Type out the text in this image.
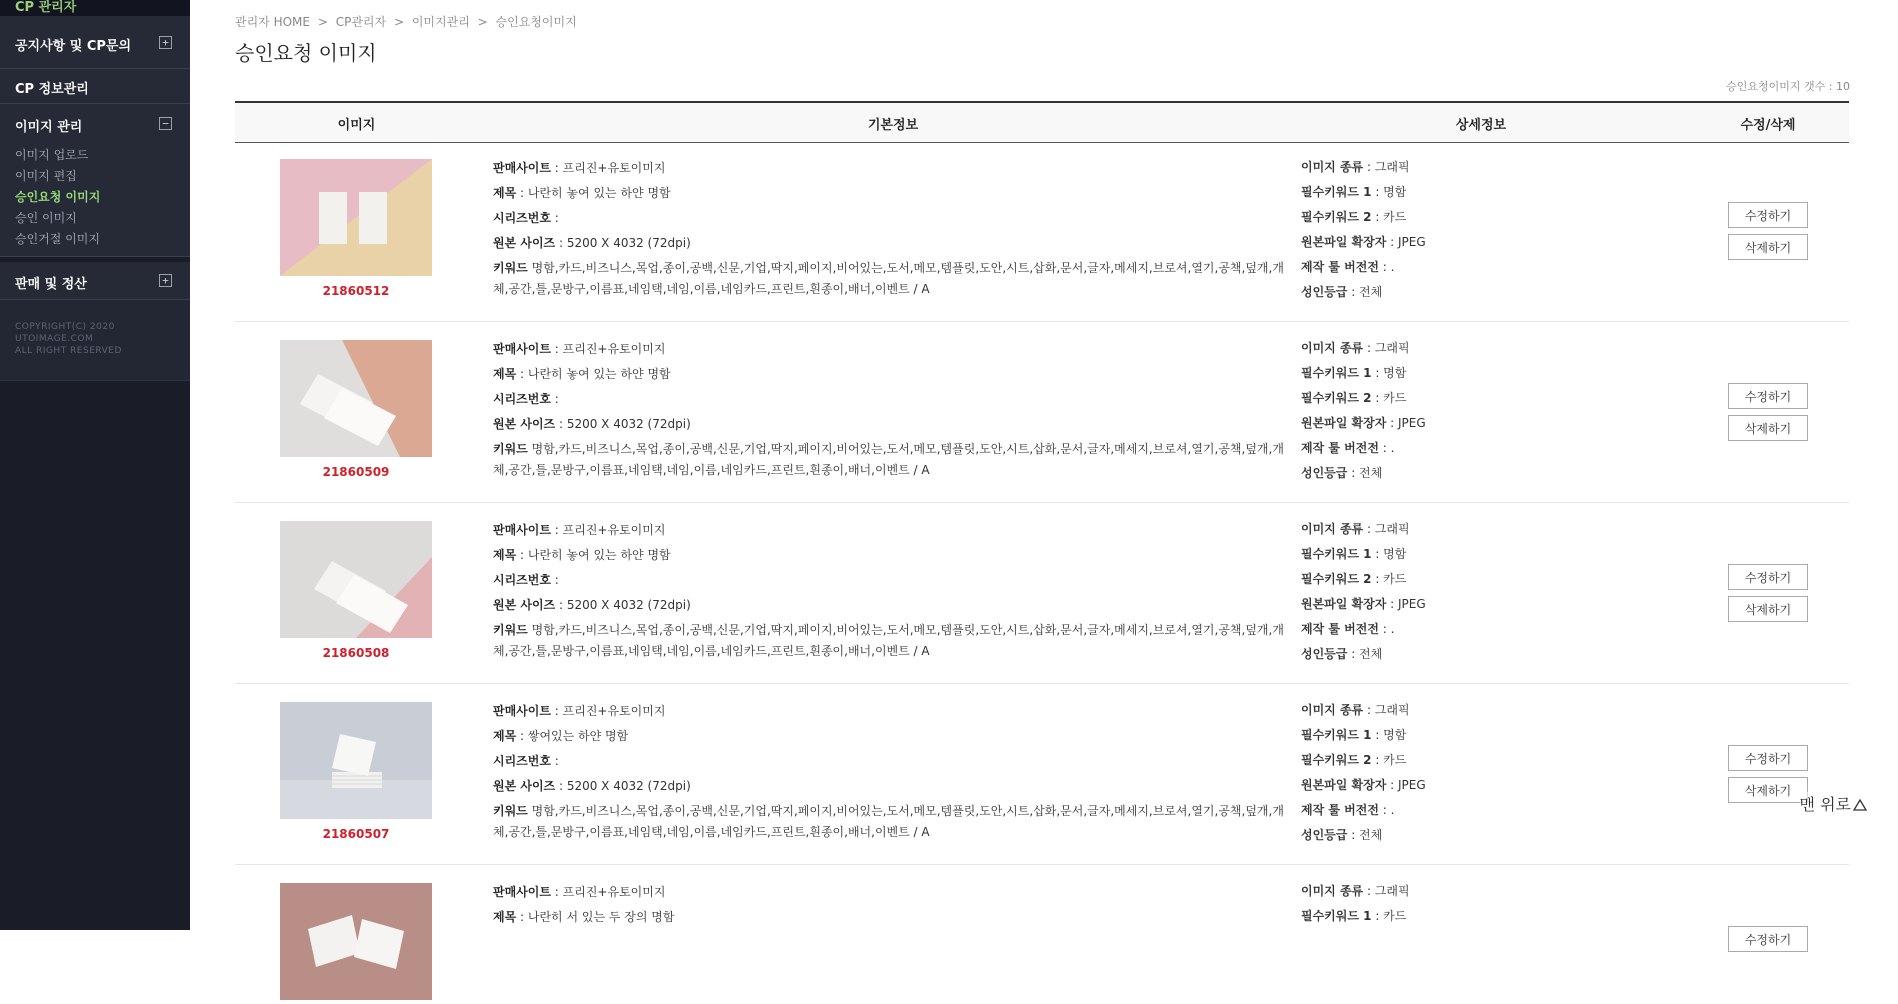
CP 관리자
공지사항 및 CP문의	+
CP 정보관리
이미지 관리	−
이미지 업로드
이미지 편집
승인요청 이미지
승인 이미지
승인거절 이미지
판매 및 정산	+
COPYRIGHT(C) 2020
UTOIMAGE.COM
ALL RIGHT RESERVED
관리자 HOME > CP관리자 > 이미지관리 > 승인요청이미지
승인요청 이미지
승인요청이미지 갯수 : 10
이미지	기본정보	상세정보	수정/삭제
21860512
판매사이트 : 프리진+유토이미지
제목 : 나란히 놓여 있는 하얀 명함
시리즈번호 :
원본 사이즈 : 5200 X 4032 (72dpi)
키워드 명함,카드,비즈니스,목업,종이,공백,신문,기업,딱지,페이지,비어있는,도서,메모,템플릿,도안,시트,삽화,문서,글자,메세지,브로셔,열기,공책,덮개,개체,공간,틀,문방구,이름표,네임택,네임,이름,네임카드,프린트,흰종이,배너,이벤트 / A
이미지 종류 : 그래픽
필수키워드 1 : 명함
필수키워드 2 : 카드
원본파일 확장자 : JPEG
제작 툴 버전전 : .
성인등급 : 전체
수정하기
삭제하기
21860509
판매사이트 : 프리진+유토이미지
제목 : 나란히 놓여 있는 하얀 명함
시리즈번호 :
원본 사이즈 : 5200 X 4032 (72dpi)
키워드 명함,카드,비즈니스,목업,종이,공백,신문,기업,딱지,페이지,비어있는,도서,메모,템플릿,도안,시트,삽화,문서,글자,메세지,브로셔,열기,공책,덮개,개체,공간,틀,문방구,이름표,네임택,네임,이름,네임카드,프린트,흰종이,배너,이벤트 / A
이미지 종류 : 그래픽
필수키워드 1 : 명함
필수키워드 2 : 카드
원본파일 확장자 : JPEG
제작 툴 버전전 : .
성인등급 : 전체
수정하기
삭제하기
21860508
판매사이트 : 프리진+유토이미지
제목 : 나란히 놓여 있는 하얀 명함
시리즈번호 :
원본 사이즈 : 5200 X 4032 (72dpi)
키워드 명함,카드,비즈니스,목업,종이,공백,신문,기업,딱지,페이지,비어있는,도서,메모,템플릿,도안,시트,삽화,문서,글자,메세지,브로셔,열기,공책,덮개,개체,공간,틀,문방구,이름표,네임택,네임,이름,네임카드,프린트,흰종이,배너,이벤트 / A
이미지 종류 : 그래픽
필수키워드 1 : 명함
필수키워드 2 : 카드
원본파일 확장자 : JPEG
제작 툴 버전전 : .
성인등급 : 전체
수정하기
삭제하기
21860507
판매사이트 : 프리진+유토이미지
제목 : 쌓여있는 하얀 명함
시리즈번호 :
원본 사이즈 : 5200 X 4032 (72dpi)
키워드 명함,카드,비즈니스,목업,종이,공백,신문,기업,딱지,페이지,비어있는,도서,메모,템플릿,도안,시트,삽화,문서,글자,메세지,브로셔,열기,공책,덮개,개체,공간,틀,문방구,이름표,네임택,네임,이름,네임카드,프린트,흰종이,배너,이벤트 / A
이미지 종류 : 그래픽
필수키워드 1 : 명함
필수키워드 2 : 카드
원본파일 확장자 : JPEG
제작 툴 버전전 : .
성인등급 : 전체
수정하기
삭제하기
판매사이트 : 프리진+유토이미지
제목 : 나란히 서 있는 두 장의 명함
이미지 종류 : 그래픽
필수키워드 1 : 카드
수정하기
맨 위로
